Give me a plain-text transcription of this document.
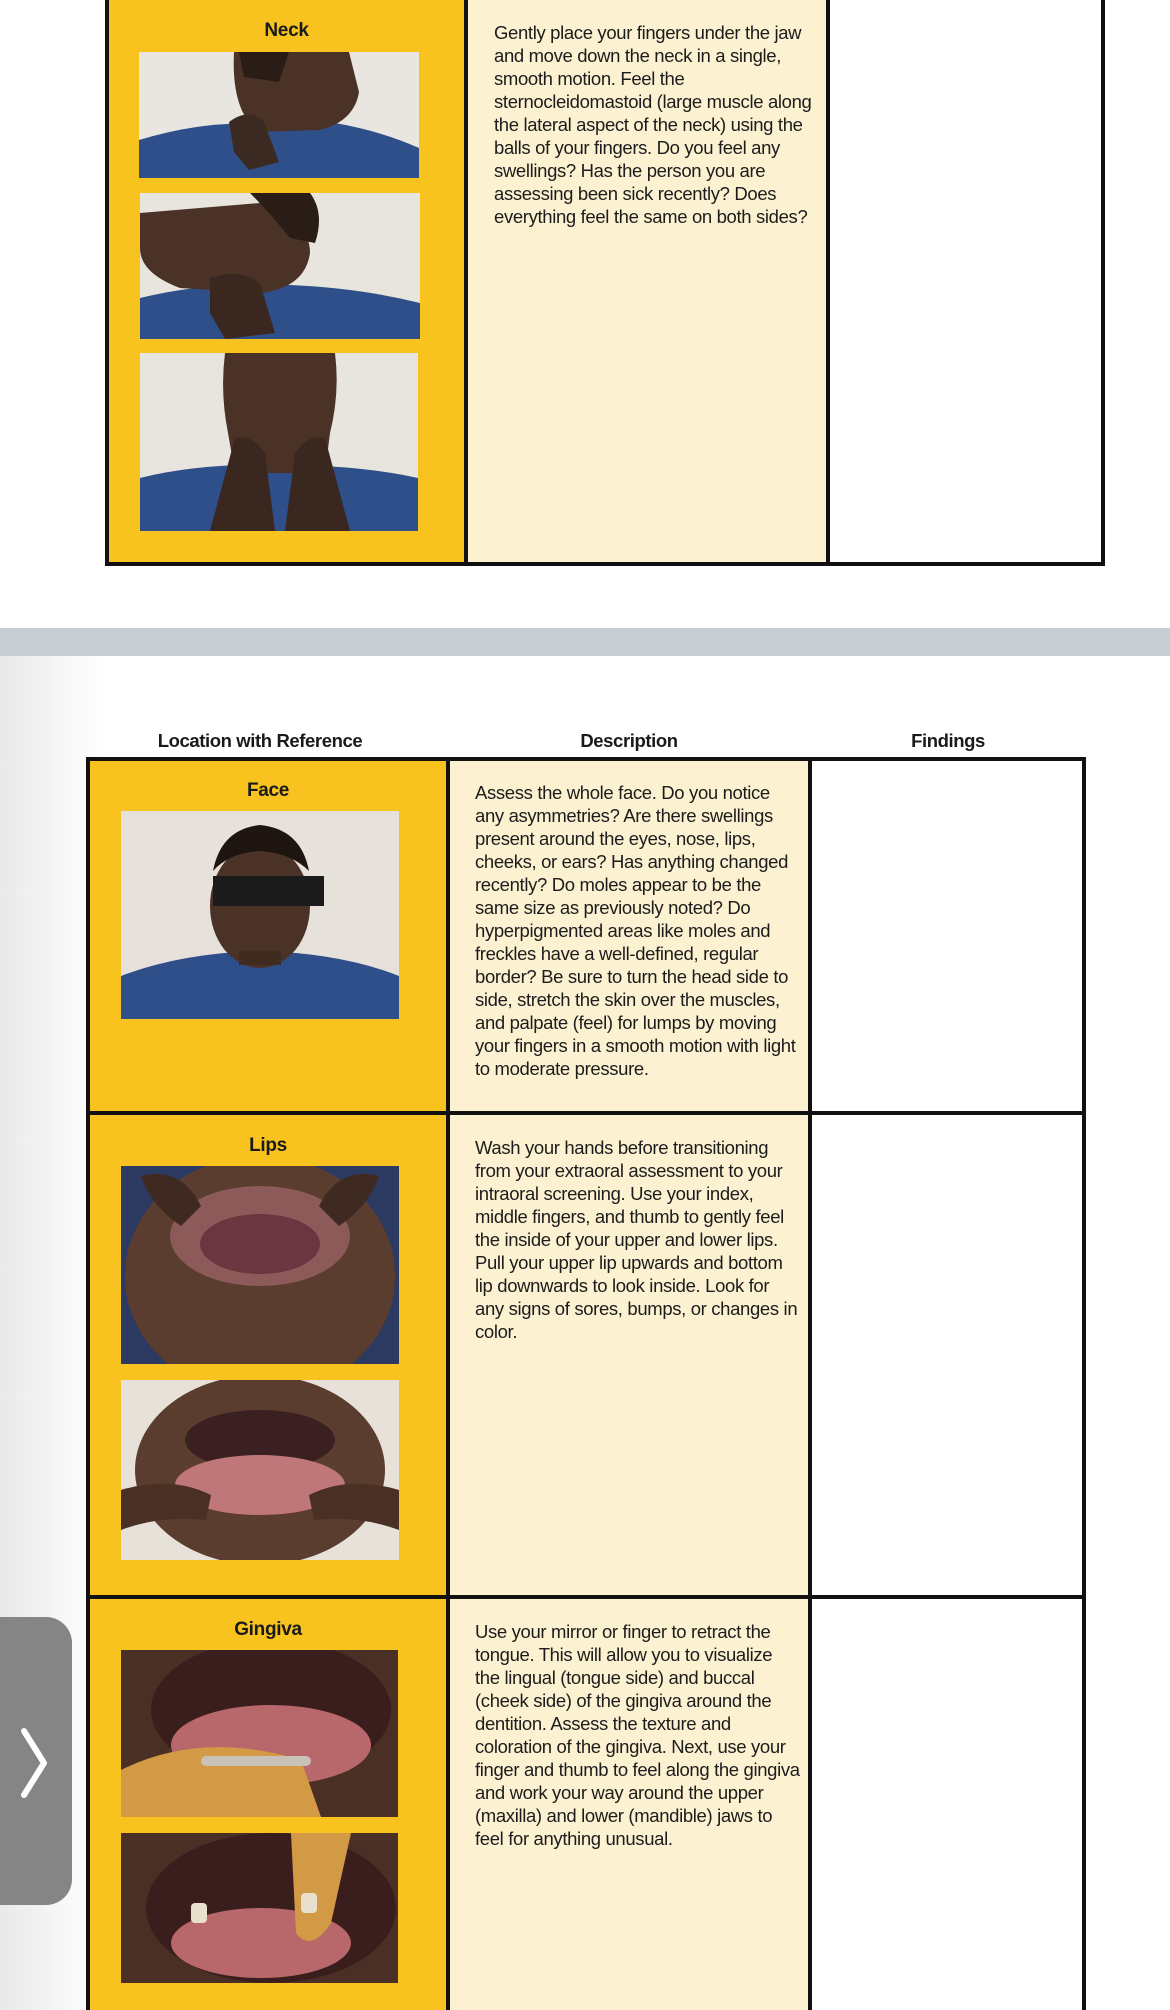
Neck	Gently place your fingers under the jaw and move down the neck in a single, smooth motion. Feel the sternocleidomastoid (large muscle along the lateral aspect of the neck) using the balls of your fingers. Do you feel any swellings? Has the person you are assessing been sick recently? Does everything feel the same on both sides?
Location with Reference	Description	Findings
Face	Assess the whole face. Do you notice any asymmetries? Are there swellings present around the eyes, nose, lips, cheeks, or ears? Has anything changed recently? Do moles appear to be the same size as previously noted? Do hyperpigmented areas like moles and freckles have a well-defined, regular border? Be sure to turn the head side to side, stretch the skin over the muscles, and palpate (feel) for lumps by moving your fingers in a smooth motion with light to moderate pressure.
Lips	Wash your hands before transitioning from your extraoral assessment to your intraoral screening. Use your index, middle fingers, and thumb to gently feel the inside of your upper and lower lips. Pull your upper lip upwards and bottom lip downwards to look inside. Look for any signs of sores, bumps, or changes in color.
Gingiva	Use your mirror or finger to retract the tongue. This will allow you to visualize the lingual (tongue side) and buccal (cheek side) of the gingiva around the dentition. Assess the texture and coloration of the gingiva. Next, use your finger and thumb to feel along the gingiva and work your way around the upper (maxilla) and lower (mandible) jaws to feel for anything unusual.
